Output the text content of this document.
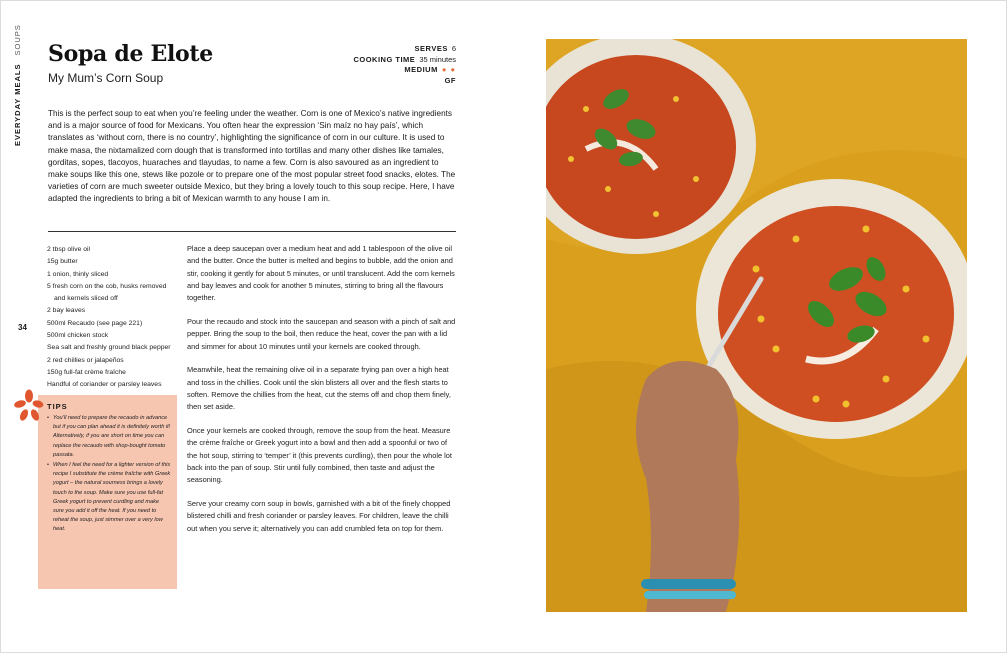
EVERYDAY MEALSSOUPS
34
Sopa de Elote
My Mum’s Corn Soup
SERVES 6
COOKING TIME 35 minutes
MEDIUM ● ●
GF
This is the perfect soup to eat when you’re feeling under the weather. Corn is one of Mexico’s native ingredients and is a major source of food for Mexicans. You often hear the expression ‘Sin maíz no hay país’, which translates as ‘without corn, there is no country’, highlighting the significance of corn in our culture. It is used to make masa, the nixtamalized corn dough that is transformed into tortillas and many other dishes like tamales, gorditas, sopes, tlacoyos, huaraches and tlayudas, to name a few. Corn is also savoured as an ingredient to make soups like this one, stews like pozole or to prepare one of the most popular street food snacks, elotes. The varieties of corn are much sweeter outside Mexico, but they bring a lovely touch to this soup recipe. Here, I have adapted the ingredients to bring a bit of Mexican warmth to any house I am in.
2 tbsp olive oil
15g butter
1 onion, thinly sliced
5 fresh corn on the cob, husks removed
and kernels sliced off
2 bay leaves
500ml Recaudo (see page 221)
500ml chicken stock
Sea salt and freshly ground black pepper
2 red chillies or jalapeños
150g full-fat crème fraîche
Handful of coriander or parsley leaves

Place a deep saucepan over a medium heat and add 1 tablespoon of the olive oil and the butter. Once the butter is melted and begins to bubble, add the onion and stir, cooking it gently for about 5 minutes, or until translucent. Add the corn kernels and bay leaves and cook for another 5 minutes, stirring to bring all the flavours together.

Pour the recaudo and stock into the saucepan and season with a pinch of salt and pepper. Bring the soup to the boil, then reduce the heat, cover the pan with a lid and simmer for about 10 minutes until your kernels are cooked through.

Meanwhile, heat the remaining olive oil in a separate frying pan over a high heat and toss in the chillies. Cook until the skin blisters all over and the flesh starts to soften. Remove the chillies from the heat, cut the stems off and chop them finely, then set aside.

Once your kernels are cooked through, remove the soup from the heat. Measure the crème fraîche or Greek yogurt into a bowl and then add a spoonful or two of the hot soup, stirring to ‘temper’ it (this prevents curdling), then pour the whole lot back into the pan of soup. Stir until fully combined, then taste and adjust the seasoning.

Serve your creamy corn soup in bowls, garnished with a bit of the finely chopped blistered chilli and fresh coriander or parsley leaves. For children, leave the chilli out when you serve it; alternatively you can add crumbled feta on top for them.

TIPS
• You’ll need to prepare the recaudo in advance but if you can plan ahead it is definitely worth it! Alternatively, if you are short on time you can replace the recaudo with shop-bought tomato passata.
• When I feel the need for a lighter version of this recipe I substitute the crème fraîche with Greek yogurt – the natural sourness brings a lovely touch to the soup. Make sure you use full-fat Greek yogurt to prevent curdling and make sure you add it off the heat. If you need to reheat the soup, just simmer over a very low heat.
